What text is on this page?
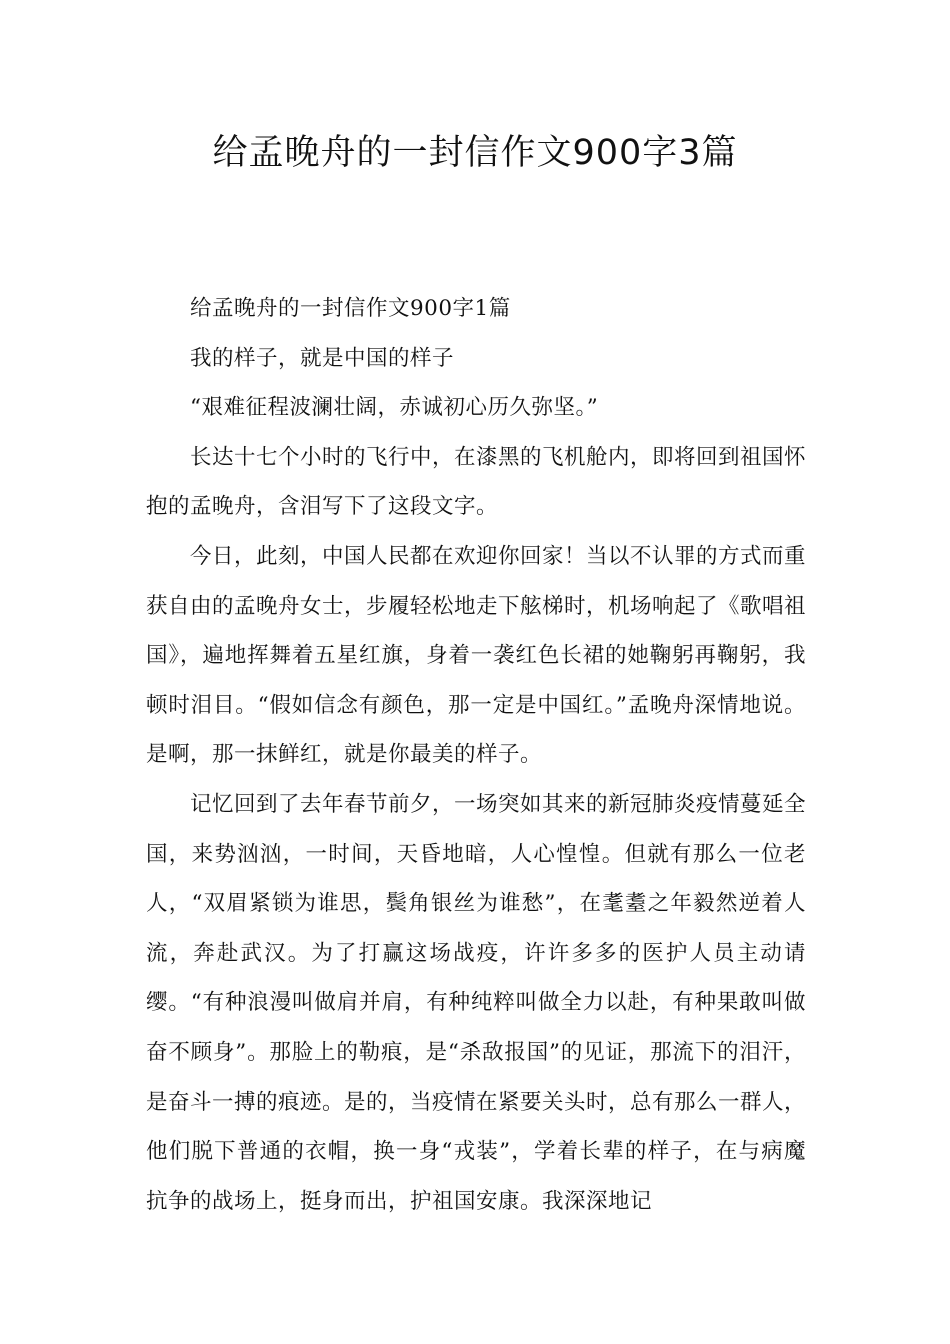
给孟晚舟的一封信作文900字3篇

给孟晚舟的一封信作文900字1篇

我的样子，就是中国的样子

“艰难征程波澜壮阔，赤诚初心历久弥坚。”

长达十七个小时的飞行中，在漆黑的飞机舱内，即将回到祖国怀抱的孟晚舟，含泪写下了这段文字。

今日，此刻，中国人民都在欢迎你回家！当以不认罪的方式而重获自由的孟晚舟女士，步履轻松地走下舷梯时，机场响起了《歌唱祖国》，遍地挥舞着五星红旗，身着一袭红色长裙的她鞠躬再鞠躬，我顿时泪目。“假如信念有颜色，那一定是中国红。”孟晚舟深情地说。是啊，那一抹鲜红，就是你最美的样子。

记忆回到了去年春节前夕，一场突如其来的新冠肺炎疫情蔓延全国，来势汹汹，一时间，天昏地暗，人心惶惶。但就有那么一位老人，“双眉紧锁为谁思，鬓角银丝为谁愁”，在耄耋之年毅然逆着人流，奔赴武汉。为了打赢这场战疫，许许多多的医护人员主动请缨。“有种浪漫叫做肩并肩，有种纯粹叫做全力以赴，有种果敢叫做奋不顾身”。那脸上的勒痕，是“杀敌报国”的见证，那流下的泪汗，是奋斗一搏的痕迹。是的，当疫情在紧要关头时，总有那么一群人，他们脱下普通的衣帽，换一身“戎装”，学着长辈的样子，在与病魔抗争的战场上，挺身而出，护祖国安康。我深深地记
